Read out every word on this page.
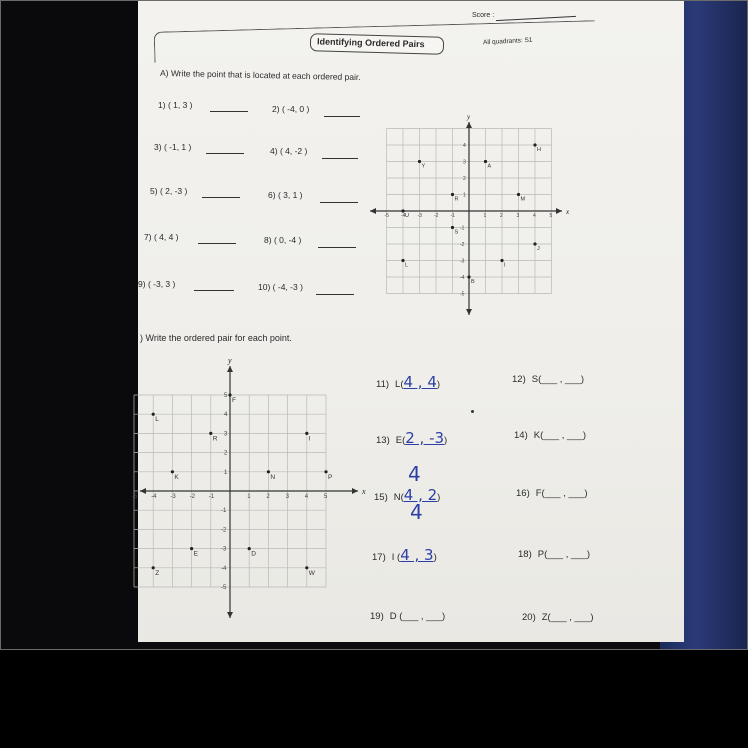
Score :
Identifying Ordered Pairs	All quadrants: S1
A) Write the point that is located at each ordered pair.
1) ( 1, 3 )	2) ( -4, 0 )
3) ( -1, 1 )	4) ( 4, -2 )
5) ( 2, -3 )	6) ( 3, 1 )
7) ( 4, 4 )	8) ( 0, -4 )
9) ( -3, 3 )	10) ( -4, -3 )
x
y
-5 -4 -3 -2 -1	1	2	3	4	5
4
3
2
1
-1
-2
-3
-4
-5
A
H
Y
R	M
U
S
J
L	I
B
) Write the ordered pair for each point.
x
y
-5 -4 -3 -2 -1	1	2	3	4	5
5
4
3
2
1
-1
-2
-3
-4
-5
L
F
R	I
K	N	P
E	D
Z	W
11) L(4 , 4)	12) S(___ , ___)
13) E(2 , -3)	14) K(___ , ___)
15) N(4 , 2)	16) F(___ , ___)
17) I (4 , 3)	18) P(___ , ___)
19) D (___ , ___)	20) Z(___ , ___)
4
4
